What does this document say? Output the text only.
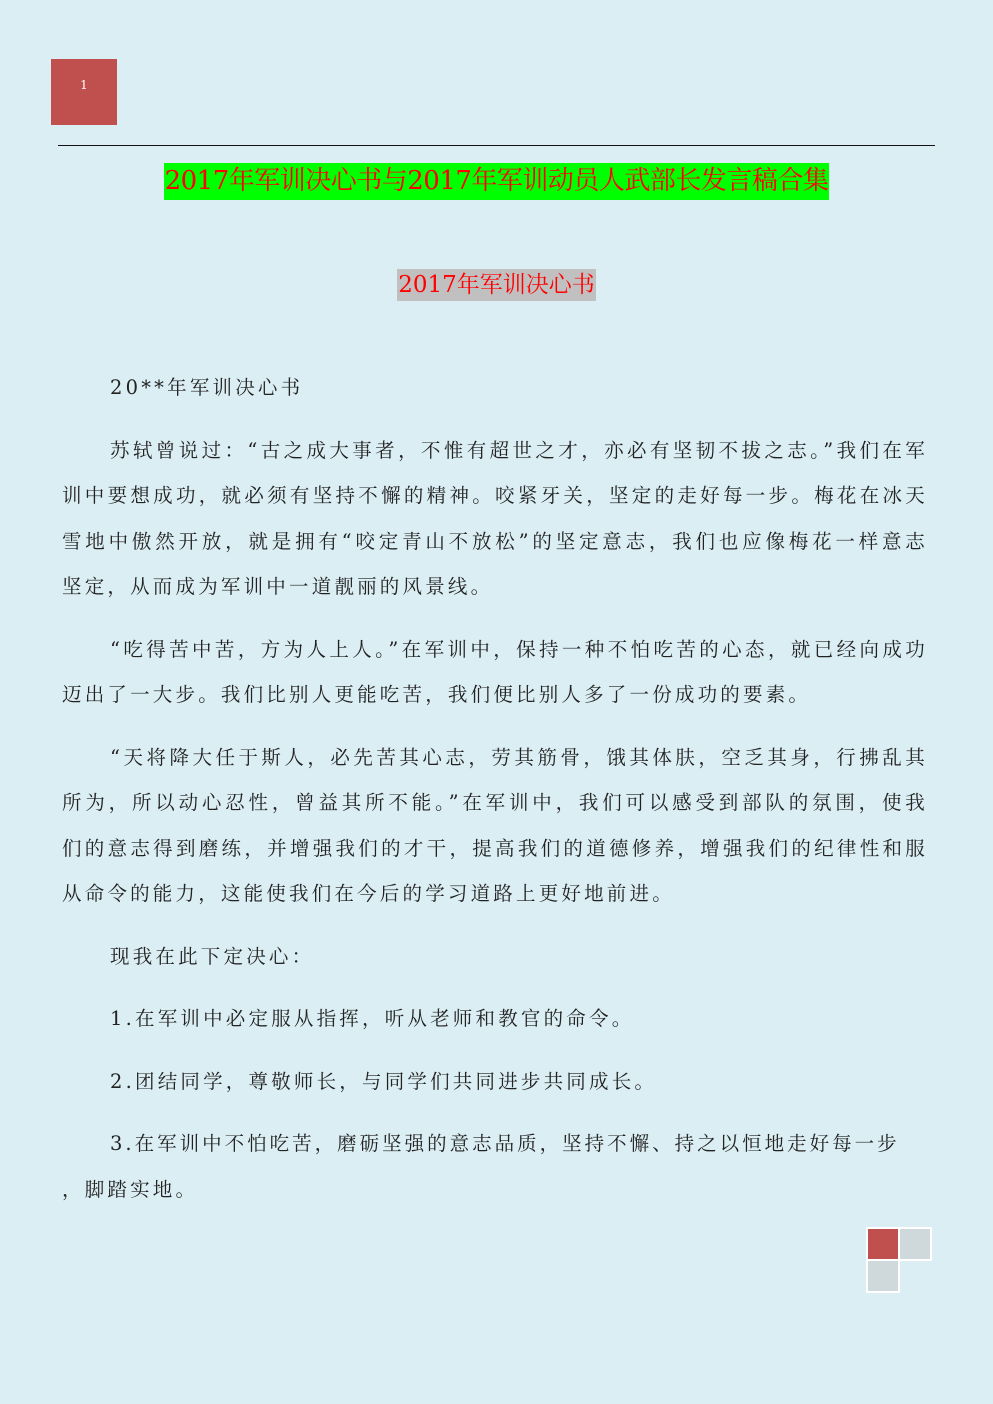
1
2017年军训决心书与2017年军训动员人武部长发言稿合集
2017年军训决心书

20**年军训决心书

苏轼曾说过：“古之成大事者，不惟有超世之才，亦必有坚韧不拔之志。”我们在军训中要想成功，就必须有坚持不懈的精神。咬紧牙关，坚定的走好每一步。梅花在冰天雪地中傲然开放，就是拥有“咬定青山不放松”的坚定意志，我们也应像梅花一样意志坚定，从而成为军训中一道靓丽的风景线。

“吃得苦中苦，方为人上人。”在军训中，保持一种不怕吃苦的心态，就已经向成功迈出了一大步。我们比别人更能吃苦，我们便比别人多了一份成功的要素。

“天将降大任于斯人，必先苦其心志，劳其筋骨，饿其体肤，空乏其身，行拂乱其所为，所以动心忍性，曾益其所不能。”在军训中，我们可以感受到部队的氛围，使我们的意志得到磨练，并增强我们的才干，提高我们的道德修养，增强我们的纪律性和服从命令的能力，这能使我们在今后的学习道路上更好地前进。

现我在此下定决心：

1.在军训中必定服从指挥，听从老师和教官的命令。

2.团结同学，尊敬师长，与同学们共同进步共同成长。

3.在军训中不怕吃苦，磨砺坚强的意志品质，坚持不懈、持之以恒地走好每一步

，脚踏实地。
